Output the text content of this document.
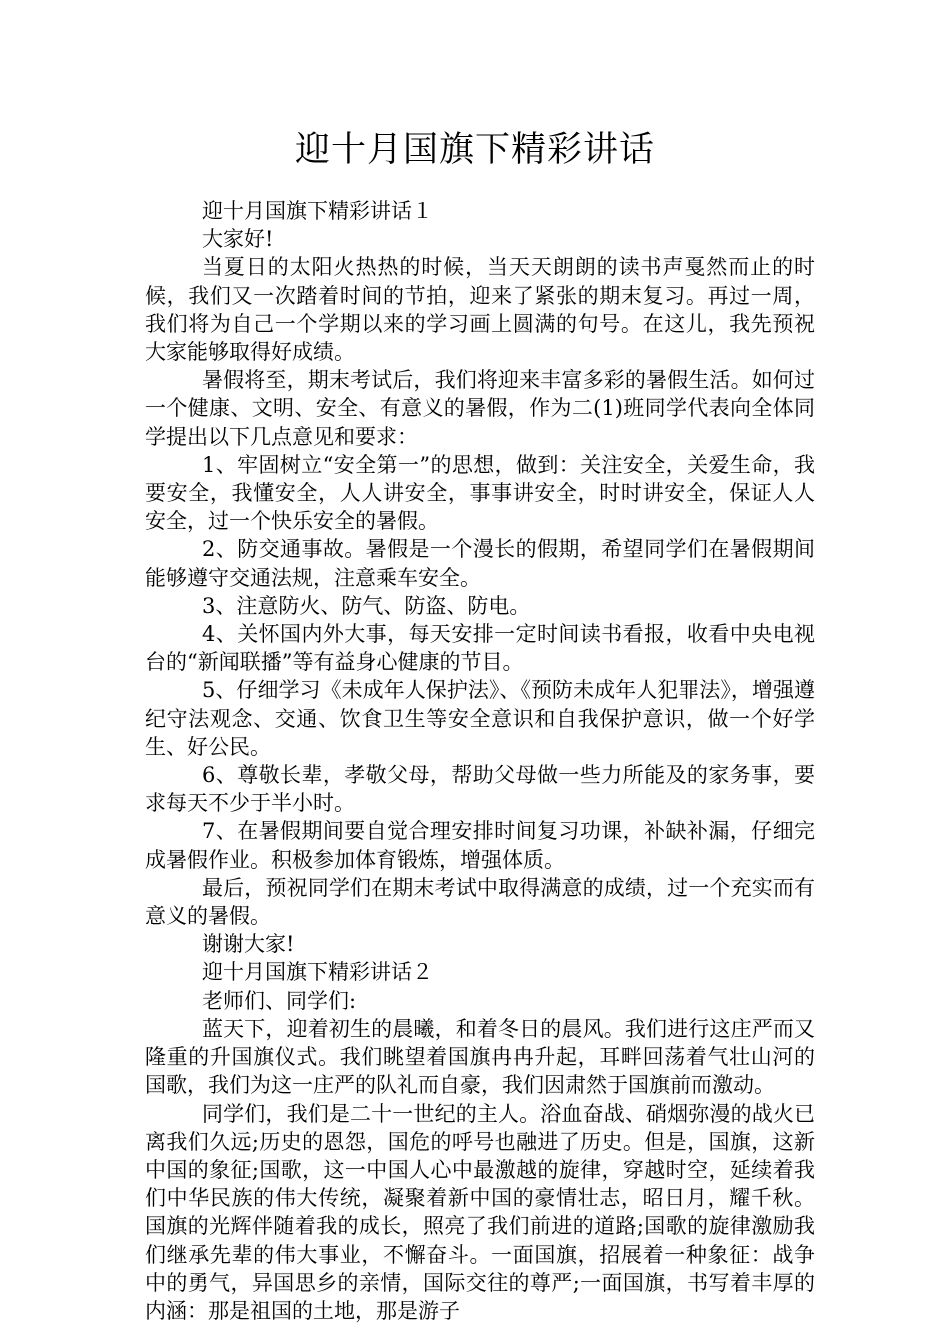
迎十月国旗下精彩讲话

迎十月国旗下精彩讲话１

大家好!

当夏日的太阳火热热的时候，当天天朗朗的读书声戛然而止的时候，我们又一次踏着时间的节拍，迎来了紧张的期末复习。再过一周，我们将为自己一个学期以来的学习画上圆满的句号。在这儿，我先预祝大家能够取得好成绩。

暑假将至，期末考试后，我们将迎来丰富多彩的暑假生活。如何过一个健康、文明、安全、有意义的暑假，作为二(1)班同学代表向全体同学提出以下几点意见和要求：

1、牢固树立“安全第一”的思想，做到：关注安全，关爱生命，我要安全，我懂安全，人人讲安全，事事讲安全，时时讲安全，保证人人安全，过一个快乐安全的暑假。

2、防交通事故。暑假是一个漫长的假期，希望同学们在暑假期间能够遵守交通法规，注意乘车安全。

3、注意防火、防气、防盗、防电。

4、关怀国内外大事，每天安排一定时间读书看报，收看中央电视台的“新闻联播”等有益身心健康的节目。

5、仔细学习《未成年人保护法》、《预防未成年人犯罪法》，增强遵纪守法观念、交通、饮食卫生等安全意识和自我保护意识，做一个好学生、好公民。

6、尊敬长辈，孝敬父母，帮助父母做一些力所能及的家务事，要求每天不少于半小时。

7、在暑假期间要自觉合理安排时间复习功课，补缺补漏，仔细完成暑假作业。积极参加体育锻炼，增强体质。

最后，预祝同学们在期末考试中取得满意的成绩，过一个充实而有意义的暑假。

谢谢大家!

迎十月国旗下精彩讲话２

老师们、同学们:

蓝天下，迎着初生的晨曦，和着冬日的晨风。我们进行这庄严而又隆重的升国旗仪式。我们眺望着国旗冉冉升起，耳畔回荡着气壮山河的国歌，我们为这一庄严的队礼而自豪，我们因肃然于国旗前而激动。

同学们，我们是二十一世纪的主人。浴血奋战、硝烟弥漫的战火已离我们久远;历史的恩怨，国危的呼号也融进了历史。但是，国旗，这新中国的象征;国歌，这一中国人心中最激越的旋律，穿越时空，延续着我们中华民族的伟大传统，凝聚着新中国的豪情壮志，昭日月，耀千秋。国旗的光辉伴随着我的成长，照亮了我们前进的道路;国歌的旋律激励我们继承先辈的伟大事业，不懈奋斗。一面国旗，招展着一种象征：战争中的勇气，异国思乡的亲情，国际交往的尊严;一面国旗，书写着丰厚的内涵：那是祖国的土地，那是游子
